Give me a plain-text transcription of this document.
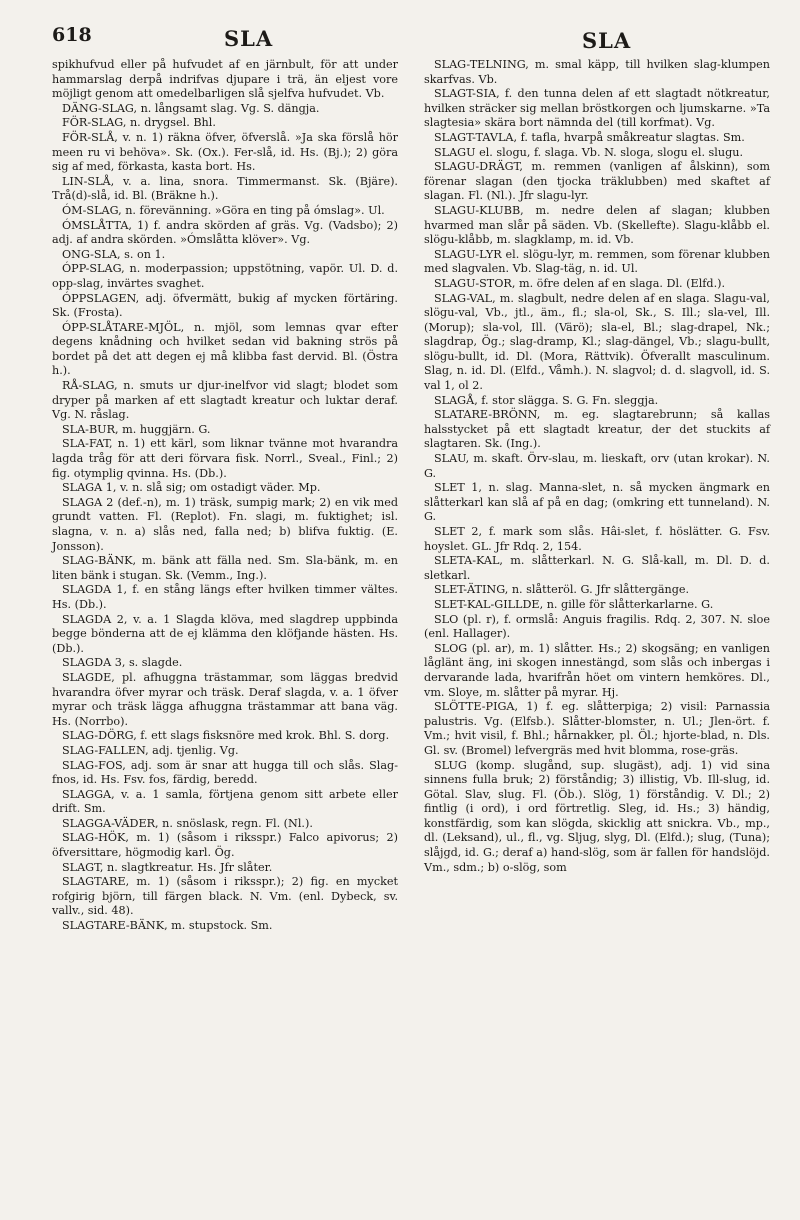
618	SLA	SLA

spikhufvud eller på hufvudet af en järnbult, för att under hammarslag derpå indrifvas djupare i trä, än eljest vore möjligt genom att omedelbarligen slå sjelfva hufvudet. Vb.

DÄNG-SLAG, n. långsamt slag. Vg. S. dängja.

FÖR-SLAG, n. drygsel. Bhl.

FÖR-SLÅ, v. n. 1) räkna öfver, öfverslå. »Ja ska förslå hör meen ru vi behöva». Sk. (Ox.). Fer-slå, id. Hs. (Bj.); 2) göra sig af med, förkasta, kasta bort. Hs.

LIN-SLÅ, v. a. lina, snora. Timmermanst. Sk. (Bjäre). Trå(d)-slå, id. Bl. (Bräkne h.).

ÓM-SLAG, n. förevänning. »Göra en ting på ómslag». Ul.

ÓMSLÅTTA, 1) f. andra skörden af gräs. Vg. (Vadsbo); 2) adj. af andra skörden. »Ómslåtta klöver». Vg.

ONG-SLA, s. on 1.

ÓPP-SLAG, n. moderpassion; uppstötning, vapör. Ul. D. d. opp-slag, invärtes svaghet.

ÓPPSLAGEN, adj. öfvermätt, bukig af mycken förtäring. Sk. (Frosta).

ÓPP-SLÅTARE-MJÖL, n. mjöl, som lemnas qvar efter degens knådning och hvilket sedan vid bakning strös på bordet på det att degen ej må klibba fast dervid. Bl. (Östra h.).

RÅ-SLAG, n. smuts ur djur-inelfvor vid slagt; blodet som dryper på marken af ett slagtadt kreatur och luktar deraf. Vg. N. råslag.

SLA-BUR, m. huggjärn. G.

SLA-FAT, n. 1) ett kärl, som liknar tvänne mot hvarandra lagda tråg för att deri förvara fisk. Norrl., Sveal., Finl.; 2) fig. otymplig qvinna. Hs. (Db.).

SLAGA 1, v. n. slå sig; om ostadigt väder. Mp.

SLAGA 2 (def.-n), m. 1) träsk, sumpig mark; 2) en vik med grundt vatten. Fl. (Replot). Fn. slagi, m. fuktighet; isl. slagna, v. n. a) slås ned, falla ned; b) blifva fuktig. (E. Jonsson).

SLAG-BÄNK, m. bänk att fälla ned. Sm. Sla-bänk, m. en liten bänk i stugan. Sk. (Vemm., Ing.).

SLAGDA 1, f. en stång längs efter hvilken timmer vältes. Hs. (Db.).

SLAGDA 2, v. a. 1 Slagda klöva, med slagdrep uppbinda begge bönderna att de ej klämma den klöfjande hästen. Hs. (Db.).

SLAGDA 3, s. slagde.

SLAGDE, pl. afhuggna trästammar, som läggas bredvid hvarandra öfver myrar och träsk. Deraf slagda, v. a. 1 öfver myrar och träsk lägga afhuggna trästammar att bana väg. Hs. (Norrbo).

SLAG-DÖRG, f. ett slags fisksnöre med krok. Bhl. S. dorg.

SLAG-FALLEN, adj. tjenlig. Vg.

SLAG-FOS, adj. som är snar att hugga till och slås. Slag-fnos, id. Hs. Fsv. fos, färdig, beredd.

SLAGGA, v. a. 1 samla, förtjena genom sitt arbete eller drift. Sm.

SLAGGA-VÄDER, n. snöslask, regn. Fl. (Nl.).

SLAG-HÖK, m. 1) (såsom i riksspr.) Falco apivorus; 2) öfversittare, högmodig karl. Ög.

SLAGT, n. slagtkreatur. Hs. Jfr slåter.

SLAGTARE, m. 1) (såsom i riksspr.); 2) fig. en mycket rofgirig björn, till färgen black. N. Vm. (enl. Dybeck, sv. vallv., sid. 48).

SLAGTARE-BÄNK, m. stupstock. Sm.

SLAG-TELNING, m. smal käpp, till hvilken slag-klumpen skarfvas. Vb.

SLAGT-SIA, f. den tunna delen af ett slagtadt nötkreatur, hvilken sträcker sig mellan bröstkorgen och ljumskarne. »Ta slagtesia» skära bort nämnda del (till korfmat). Vg.

SLAGT-TAVLA, f. tafla, hvarpå småkreatur slagtas. Sm.

SLAGU el. slogu, f. slaga. Vb. N. sloga, slogu el. slugu.

SLAGU-DRÄGT, m. remmen (vanligen af ålskinn), som förenar slagan (den tjocka träklubben) med skaftet af slagan. Fl. (Nl.). Jfr slagu-lyr.

SLAGU-KLUBB, m. nedre delen af slagan; klubben hvarmed man slår på säden. Vb. (Skellefte). Slagu-klåbb el. slögu-klåbb, m. slagklamp, m. id. Vb.

SLAGU-LYR el. slögu-lyr, m. remmen, som förenar klubben med slagvalen. Vb. Slag-täg, n. id. Ul.

SLAGU-STOR, m. öfre delen af en slaga. Dl. (Elfd.).

SLAG-VAL, m. slagbult, nedre delen af en slaga. Slagu-val, slögu-val, Vb., jtl., äm., fl.; sla-ol, Sk., S. Ill.; sla-vel, Ill. (Morup); sla-vol, Ill. (Värö); sla-el, Bl.; slag-drapel, Nk.; slagdrap, Ög.; slag-dramp, Kl.; slag-dängel, Vb.; slagu-bullt, slögu-bullt, id. Dl. (Mora, Rättvik). Öfverallt masculinum. Slag, n. id. Dl. (Elfd., Våmh.). N. slagvol; d. d. slagvoll, id. S. val 1, ol 2.

SLAGÅ, f. stor slägga. S. G. Fn. sleggja.

SLATARE-BRÖNN, m. eg. slagtarebrunn; så kallas halsstycket på ett slagtadt kreatur, der det stuckits af slagtaren. Sk. (Ing.).

SLAU, m. skaft. Örv-slau, m. lieskaft, orv (utan krokar). N. G.

SLET 1, n. slag. Manna-slet, n. så mycken ängmark en slåtterkarl kan slå af på en dag; (omkring ett tunneland). N. G.

SLET 2, f. mark som slås. Hâi-slet, f. höslätter. G. Fsv. hoyslet. GL. Jfr Rdq. 2, 154.

SLETA-KAL, m. slåtterkarl. N. G. Slå-kall, m. Dl. D. d. sletkarl.

SLET-ÄTING, n. slåtteröl. G. Jfr slåttergänge.

SLET-KAL-GILLDE, n. gille för slåtterkarlarne. G.

SLO (pl. r), f. ormslå: Anguis fragilis. Rdq. 2, 307. N. sloe (enl. Hallager).

SLOG (pl. ar), m. 1) slåtter. Hs.; 2) skogsäng; en vanligen låglänt äng, ini skogen innestängd, som slås och inbergas i dervarande lada, hvarifrån höet om vintern hemköres. Dl., vm. Sloye, m. slåtter på myrar. Hj.

SLÖTTE-PIGA, 1) f. eg. slåtterpiga; 2) visil: Parnassia palustris. Vg. (Elfsb.). Slåtter-blomster, n. Ul.; Jlen-ört. f. Vm.; hvit visil, f. Bhl.; hårnakker, pl. Öl.; hjorte-blad, n. Dls. Gl. sv. (Bromel) lefvergräs med hvit blomma, rose-gräs.

SLUG (komp. slugånd, sup. slugäst), adj. 1) vid sina sinnens fulla bruk; 2) förståndig; 3) illistig, Vb. Ill-slug, id. Götal. Slav, slug. Fl. (Öb.). Slög, 1) förståndig. V. Dl.; 2) fintlig (i ord), i ord förtretlig. Sleg, id. Hs.; 3) händig, konstfärdig, som kan slögda, skicklig att snickra. Vb., mp., dl. (Leksand), ul., fl., vg. Sljug, slyg, Dl. (Elfd.); slug, (Tuna); slåjgd, id. G.; deraf a) hand-slög, som är fallen för handslöjd. Vm., sdm.; b) o-slög, som
